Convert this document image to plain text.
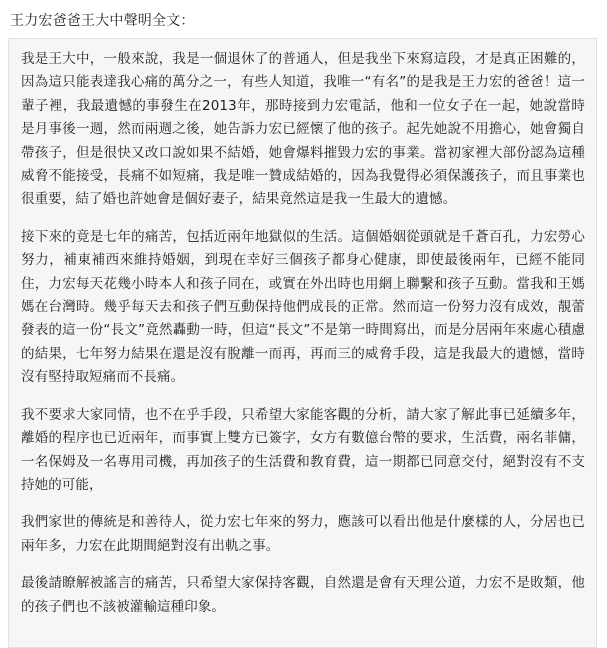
王力宏爸爸王大中聲明全文：

我是王大中，一般來說，我是一個退休了的普通人，但是我坐下來寫這段，才是真正困難的，因為這只能表達我心痛的萬分之一，有些人知道，我唯一“有名”的是我是王力宏的爸爸！這一輩子裡，我最遺憾的事發生在2013年，那時接到力宏電話，他和一位女子在一起，她說當時是月事後一週，然而兩週之後，她告訴力宏已經懷了他的孩子。起先她說不用擔心，她會獨自帶孩子，但是很快又改口說如果不結婚，她會爆料摧毀力宏的事業。當初家裡大部份認為這種威脅不能接受，長痛不如短痛，我是唯一贊成結婚的，因為我覺得必須保護孩子，而且事業也很重要，結了婚也許她會是個好妻子，結果竟然這是我一生最大的遺憾。

接下來的竟是七年的痛苦，包括近兩年地獄似的生活。這個婚姻從頭就是千蒼百孔，力宏勞心努力，補東補西來維持婚姻，到現在幸好三個孩子都身心健康，即使最後兩年，已經不能同住，力宏每天花幾小時本人和孩子同在，或實在外出時也用網上聯繫和孩子互動。當我和王媽媽在台灣時。幾乎每天去和孩子們互動保持他們成長的正常。然而這一份努力沒有成效，靚蕾發表的這一份“長文”竟然轟動一時，但這“長文”不是第一時間寫出，而是分居兩年來處心積慮的結果，七年努力結果在還是沒有脫離一而再，再而三的威脅手段，這是我最大的遺憾，當時沒有堅持取短痛而不長痛。

我不要求大家同情，也不在乎手段，只希望大家能客觀的分析，請大家了解此事已延續多年，離婚的程序也已近兩年，而事實上雙方已簽字，女方有數億台幣的要求，生活費，兩名菲傭，一名保姆及一名專用司機，再加孩子的生活費和教育費，這一期都已同意交付，絕對沒有不支持她的可能，

我們家世的傳統是和善待人，從力宏七年來的努力，應該可以看出他是什麼樣的人，分居也已兩年多，力宏在此期間絕對沒有出軌之事。

最後請瞭解被謠言的痛苦，只希望大家保持客觀，自然還是會有天理公道，力宏不是敗類，他的孩子們也不該被灌輸這種印象。
